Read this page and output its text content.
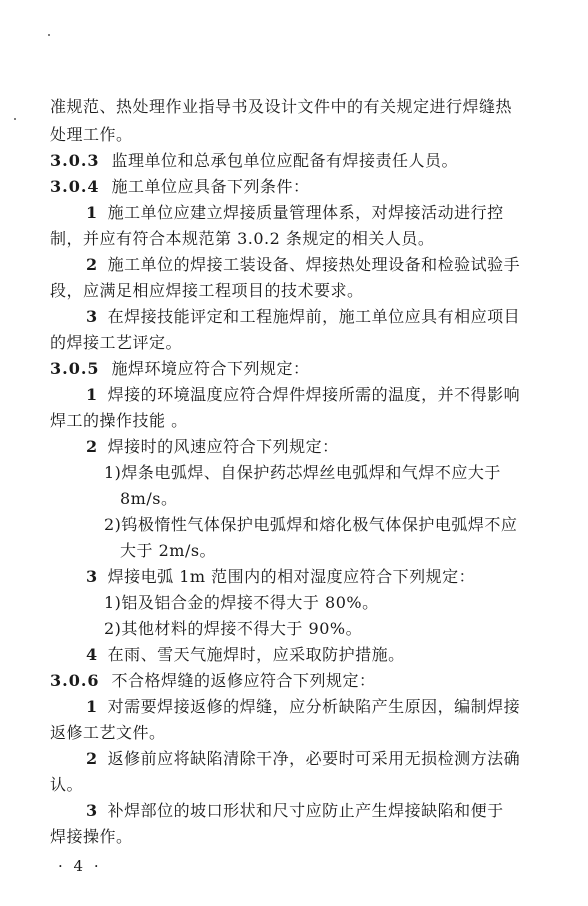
准规范、热处理作业指导书及设计文件中的有关规定进行焊缝热
处理工作。
3.0.3 监理单位和总承包单位应配备有焊接责任人员。
3.0.4 施工单位应具备下列条件：
1 施工单位应建立焊接质量管理体系，对焊接活动进行控
制，并应有符合本规范第 3.0.2 条规定的相关人员。
2 施工单位的焊接工装设备、焊接热处理设备和检验试验手
段，应满足相应焊接工程项目的技术要求。
3 在焊接技能评定和工程施焊前，施工单位应具有相应项目
的焊接工艺评定。
3.0.5 施焊环境应符合下列规定：
1 焊接的环境温度应符合焊件焊接所需的温度，并不得影响
焊工的操作技能 。
2 焊接时的风速应符合下列规定：
1)焊条电弧焊、自保护药芯焊丝电弧焊和气焊不应大于
8m/s。
2)钨极惰性气体保护电弧焊和熔化极气体保护电弧焊不应
大于 2m/s。
3 焊接电弧 1m 范围内的相对湿度应符合下列规定：
1)铝及铝合金的焊接不得大于 80%。
2)其他材料的焊接不得大于 90%。
4 在雨、雪天气施焊时，应采取防护措施。
3.0.6 不合格焊缝的返修应符合下列规定：
1 对需要焊接返修的焊缝，应分析缺陷产生原因，编制焊接
返修工艺文件。
2 返修前应将缺陷清除干净，必要时可采用无损检测方法确
认。
3 补焊部位的坡口形状和尺寸应防止产生焊接缺陷和便于
焊接操作。
· 4 ·
